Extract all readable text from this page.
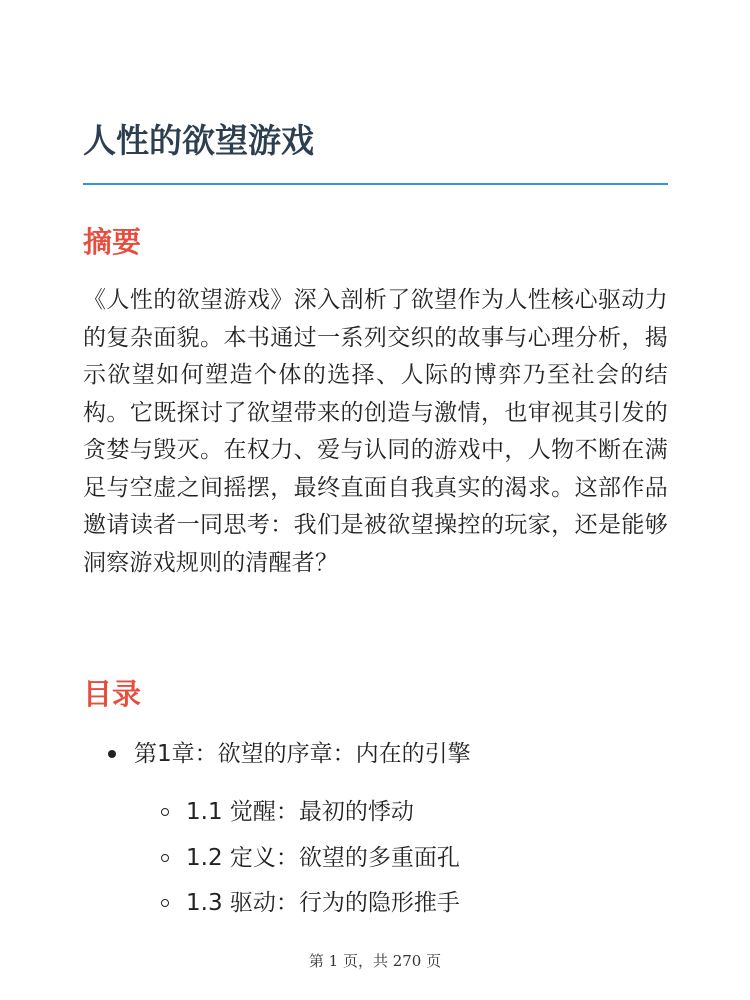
人性的欲望游戏
摘要

《人性的欲望游戏》深入剖析了欲望作为人性核心驱动力的复杂面貌。本书通过一系列交织的故事与心理分析，揭示欲望如何塑造个体的选择、人际的博弈乃至社会的结构。它既探讨了欲望带来的创造与激情，也审视其引发的贪婪与毁灭。在权力、爱与认同的游戏中，人物不断在满足与空虚之间摇摆，最终直面自我真实的渴求。这部作品邀请读者一同思考：我们是被欲望操控的玩家，还是能够洞察游戏规则的清醒者？

目录
第1章：欲望的序章：内在的引擎
1.1 觉醒：最初的悸动
1.2 定义：欲望的多重面孔
1.3 驱动：行为的隐形推手
第 1 页，共 270 页
